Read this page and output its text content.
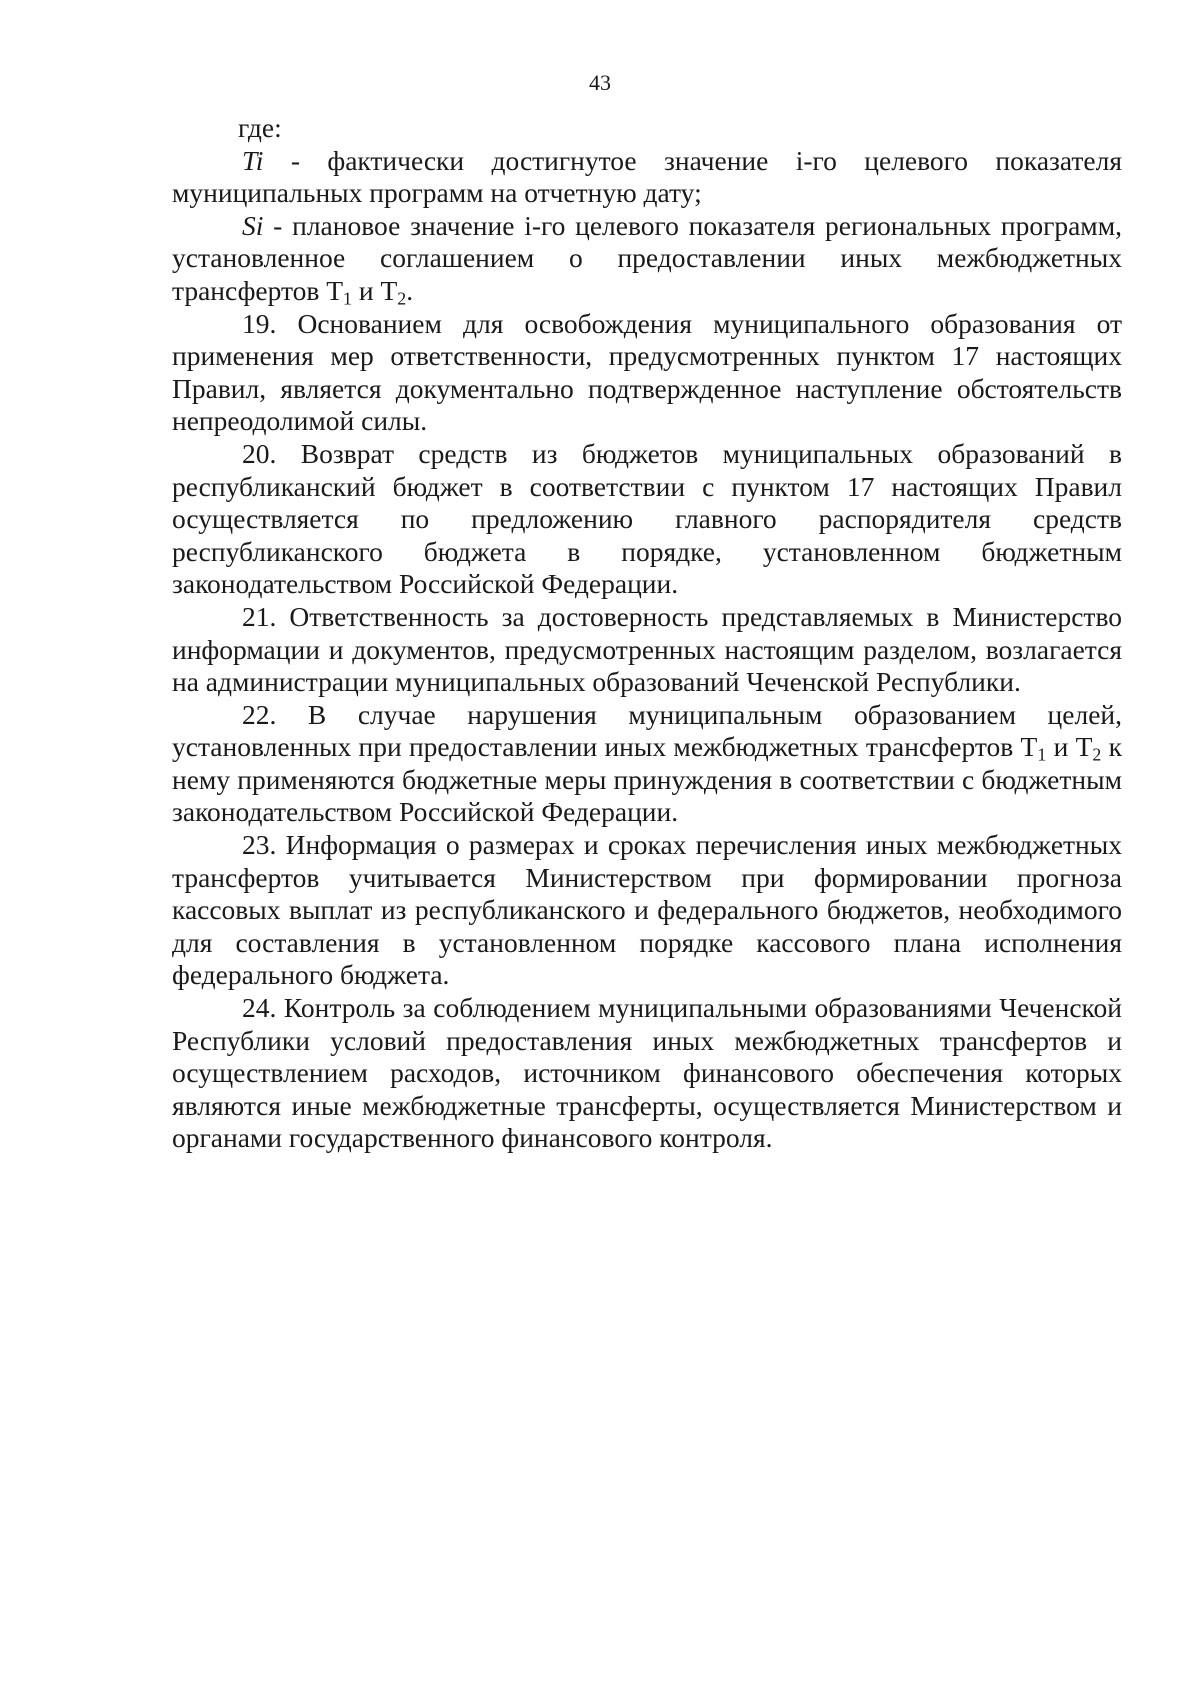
43

где:

Ti - фактически достигнутое значение i-го целевого показателя муниципальных программ на отчетную дату;

Si - плановое значение i-го целевого показателя региональных программ, установленное соглашением о предоставлении иных межбюджетных трансфертов $Т_1$ и $Т_2$.

19. Основанием для освобождения муниципального образования от применения мер ответственности, предусмотренных пунктом 17 настоящих Правил, является документально подтвержденное наступление обстоятельств непреодолимой силы.

20. Возврат средств из бюджетов муниципальных образований в республиканский бюджет в соответствии с пунктом 17 настоящих Правил осуществляется по предложению главного распорядителя средств республиканского бюджета в порядке, установленном бюджетным законодательством Российской Федерации.

21. Ответственность за достоверность представляемых в Министерство информации и документов, предусмотренных настоящим разделом, возлагается на администрации муниципальных образований Чеченской Республики.

22. В случае нарушения муниципальным образованием целей, установленных при предоставлении иных межбюджетных трансфертов $Т_1$ и $Т_2$ к нему применяются бюджетные меры принуждения в соответствии с бюджетным законодательством Российской Федерации.

23. Информация о размерах и сроках перечисления иных межбюджетных трансфертов учитывается Министерством при формировании прогноза кассовых выплат из республиканского и федерального бюджетов, необходимого для составления в установленном порядке кассового плана исполнения федерального бюджета.

24. Контроль за соблюдением муниципальными образованиями Чеченской Республики условий предоставления иных межбюджетных трансфертов и осуществлением расходов, источником финансового обеспечения которых являются иные межбюджетные трансферты, осуществляется Министерством и органами государственного финансового контроля.
